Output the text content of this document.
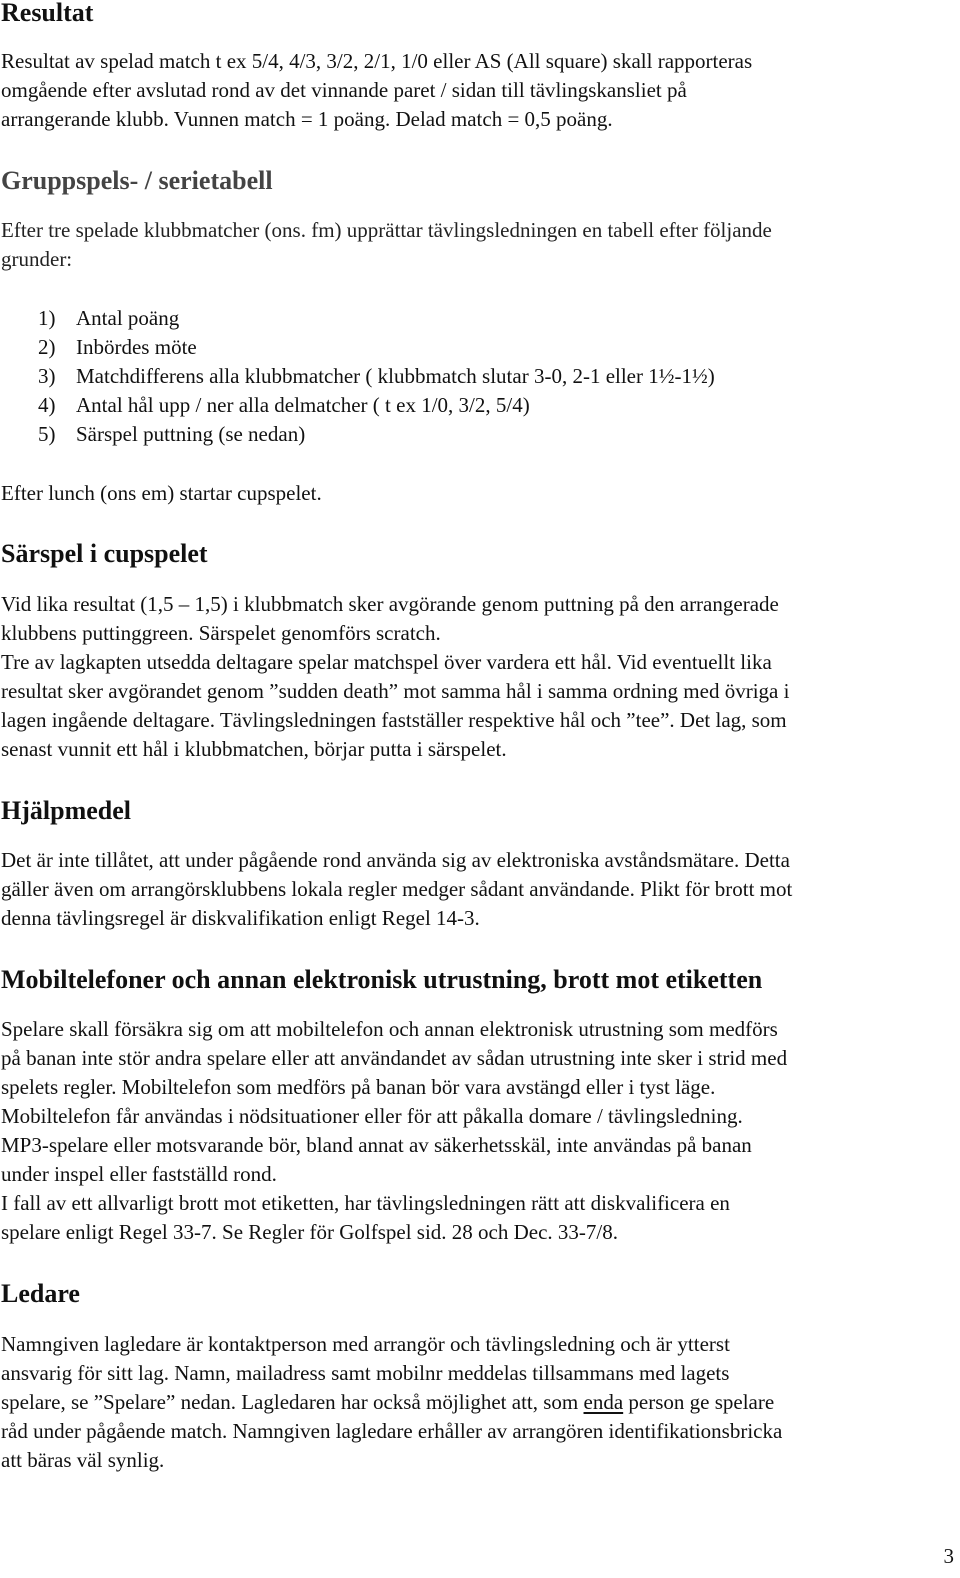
Resultat

Resultat av spelad match t ex 5/4, 4/3, 3/2, 2/1, 1/0 eller AS (All square) skall rapporteras
omgående efter avslutad rond av det vinnande paret / sidan till tävlingskansliet på
arrangerande klubb. Vunnen match = 1 poäng. Delad match = 0,5 poäng.

Gruppspels- / serietabell

Efter tre spelade klubbmatcher (ons. fm) upprättar tävlingsledningen en tabell efter följande
grunder:

1) Antal poäng
2) Inbördes möte
3) Matchdifferens alla klubbmatcher ( klubbmatch slutar 3-0, 2-1 eller 1½-1½)
4) Antal hål upp / ner alla delmatcher ( t ex 1/0, 3/2, 5/4)
5) Särspel puttning (se nedan)

Efter lunch (ons em) startar cupspelet.

Särspel i cupspelet

Vid lika resultat (1,5 – 1,5) i klubbmatch sker avgörande genom puttning på den arrangerade
klubbens puttinggreen. Särspelet genomförs scratch.
Tre av lagkapten utsedda deltagare spelar matchspel över vardera ett hål. Vid eventuellt lika
resultat sker avgörandet genom ”sudden death” mot samma hål i samma ordning med övriga i
lagen ingående deltagare. Tävlingsledningen fastställer respektive hål och ”tee”. Det lag, som
senast vunnit ett hål i klubbmatchen, börjar putta i särspelet.

Hjälpmedel

Det är inte tillåtet, att under pågående rond använda sig av elektroniska avståndsmätare. Detta
gäller även om arrangörsklubbens lokala regler medger sådant användande. Plikt för brott mot
denna tävlingsregel är diskvalifikation enligt Regel 14-3.

Mobiltelefoner och annan elektronisk utrustning, brott mot etiketten

Spelare skall försäkra sig om att mobiltelefon och annan elektronisk utrustning som medförs
på banan inte stör andra spelare eller att användandet av sådan utrustning inte sker i strid med
spelets regler. Mobiltelefon som medförs på banan bör vara avstängd eller i tyst läge.
Mobiltelefon får användas i nödsituationer eller för att påkalla domare / tävlingsledning.
MP3-spelare eller motsvarande bör, bland annat av säkerhetsskäl, inte användas på banan
under inspel eller fastställd rond.
I fall av ett allvarligt brott mot etiketten, har tävlingsledningen rätt att diskvalificera en
spelare enligt Regel 33-7. Se Regler för Golfspel sid. 28 och Dec. 33-7/8.

Ledare

Namngiven lagledare är kontaktperson med arrangör och tävlingsledning och är ytterst
ansvarig för sitt lag. Namn, mailadress samt mobilnr meddelas tillsammans med lagets
spelare, se ”Spelare” nedan. Lagledaren har också möjlighet att, som enda person ge spelare
råd under pågående match. Namngiven lagledare erhåller av arrangören identifikationsbricka
att bäras väl synlig.

3
